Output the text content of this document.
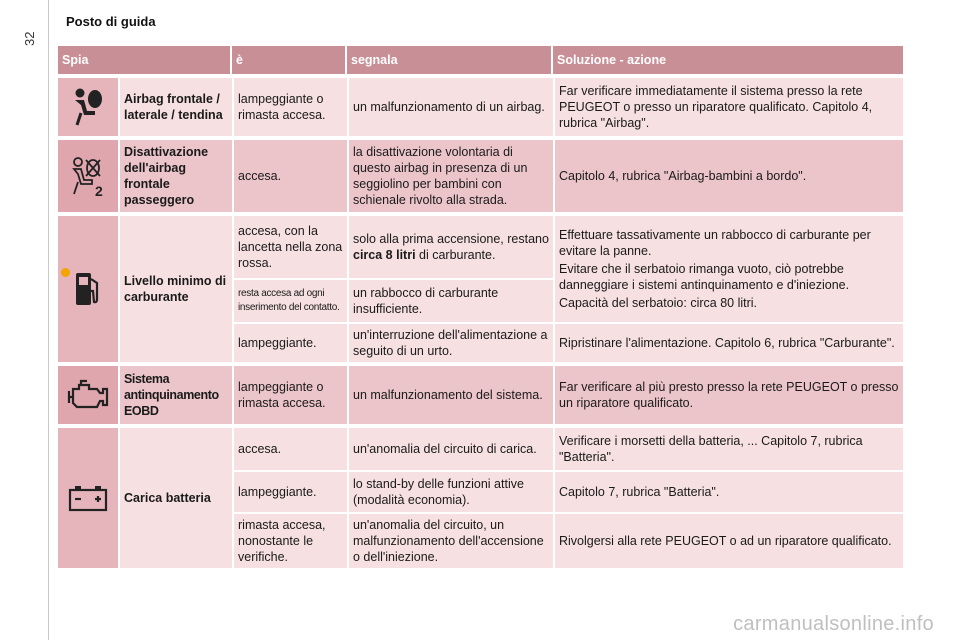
Posto di guida
32
Spia		è	segnala	Soluzione - azione

	Airbag frontale / laterale / tendina	lampeggiante o rimasta accesa.	un malfunzionamento di un airbag.	Far verificare immediatamente il sistema presso la rete PEUGEOT o presso un riparatore qualificato. Capitolo 4, rubrica "Airbag".

2	Disattivazione dell'airbag frontale passeggero	accesa.	la disattivazione volontaria di questo airbag in presenza di un seggiolino per bambini con schienale rivolto alla strada.	Capitolo 4, rubrica "Airbag-bambini a bordo".

	Livello minimo di carburante	accesa, con la lancetta nella zona rossa.	solo alla prima accensione, restano circa 8 litri di carburante.	Effettuare tassativamente un rabbocco di carburante per evitare la panne.

Evitare che il serbatoio rimanga vuoto, ciò potrebbe danneggiare i sistemi antinquinamento e d'iniezione.

Capacità del serbatoio: circa 80 litri.

		resta accesa ad ogni inserimento del contatto.	un rabbocco di carburante insufficiente.	
		lampeggiante.	un'interruzione dell'alimentazione a seguito di un urto.	Ripristinare l'alimentazione. Capitolo 6, rubrica "Carburante".

	Sistema antinquinamento EOBD	lampeggiante o rimasta accesa.	un malfunzionamento del sistema.	Far verificare al più presto presso la rete PEUGEOT o presso un riparatore qualificato.

	Carica batteria	accesa.	un'anomalia del circuito di carica.	Verificare i morsetti della batteria, ... Capitolo 7, rubrica "Batteria".
		lampeggiante.	lo stand-by delle funzioni attive (modalità economia).	Capitolo 7, rubrica "Batteria".
		rimasta accesa, nonostante le verifiche.	un'anomalia del circuito, un malfunzionamento dell'accensione o dell'iniezione.	Rivolgersi alla rete PEUGEOT o ad un riparatore qualificato.
carmanualsonline.info
